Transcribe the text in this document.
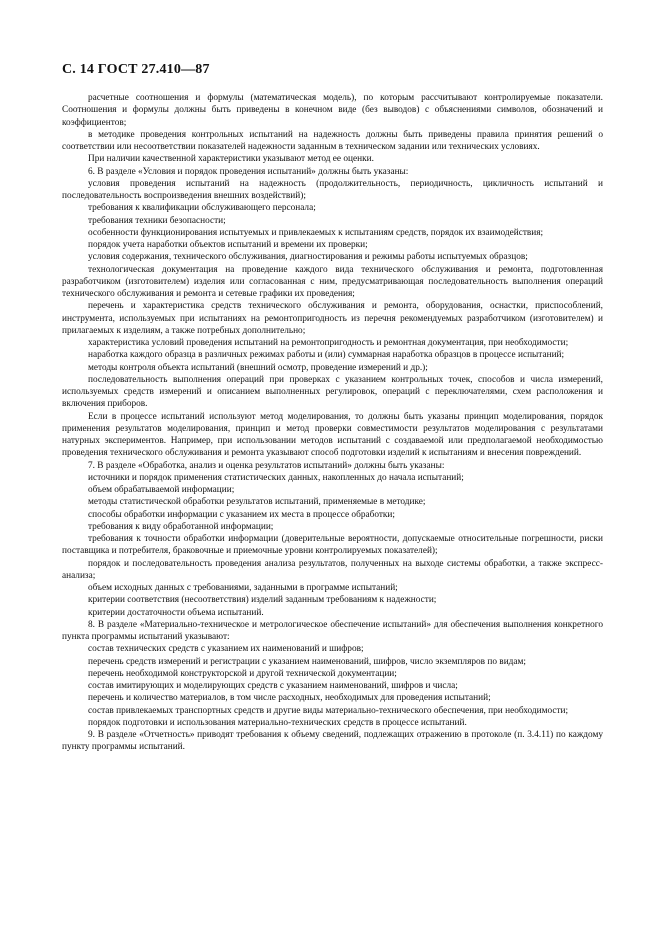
С. 14 ГОСТ 27.410—87

расчетные соотношения и формулы (математическая модель), по которым рассчитывают контролируемые показатели. Соотношения и формулы должны быть приведены в конечном виде (без выводов) с объяснениями символов, обозначений и коэффициентов;

в методике проведения контрольных испытаний на надежность должны быть приведены правила принятия решений о соответствии или несоответствии показателей надежности заданным в техническом задании или технических условиях.

При наличии качественной характеристики указывают метод ее оценки.

6. В разделе «Условия и порядок проведения испытаний» должны быть указаны:

условия проведения испытаний на надежность (продолжительность, периодичность, цикличность испытаний и последовательность воспроизведения внешних воздействий);

требования к квалификации обслуживающего персонала;

требования техники безопасности;

особенности функционирования испытуемых и привлекаемых к испытаниям средств, порядок их взаимодействия;

порядок учета наработки объектов испытаний и времени их проверки;

условия содержания, технического обслуживания, диагностирования и режимы работы испытуемых образцов;

технологическая документация на проведение каждого вида технического обслуживания и ремонта, подготовленная разработчиком (изготовителем) изделия или согласованная с ним, предусматривающая последовательность выполнения операций технического обслуживания и ремонта и сетевые графики их проведения;

перечень и характеристика средств технического обслуживания и ремонта, оборудования, оснастки, приспособлений, инструмента, используемых при испытаниях на ремонтопригодность из перечня рекомендуемых разработчиком (изготовителем) и прилагаемых к изделиям, а также потребных дополнительно;

характеристика условий проведения испытаний на ремонтопригодность и ремонтная документация, при необходимости;

наработка каждого образца в различных режимах работы и (или) суммарная наработка образцов в процессе испытаний;

методы контроля объекта испытаний (внешний осмотр, проведение измерений и др.);

последовательность выполнения операций при проверках с указанием контрольных точек, способов и числа измерений, используемых средств измерений и описанием выполненных регулировок, операций с переключателями, схем расположения и включения приборов.

Если в процессе испытаний используют метод моделирования, то должны быть указаны принцип моделирования, порядок применения результатов моделирования, принцип и метод проверки совместимости результатов моделирования с результатами натурных экспериментов. Например, при использовании методов испытаний с создаваемой или предполагаемой необходимостью проведения технического обслуживания и ремонта указывают способ подготовки изделий к испытаниям и внесения повреждений.

7. В разделе «Обработка, анализ и оценка результатов испытаний» должны быть указаны:

источники и порядок применения статистических данных, накопленных до начала испытаний;

объем обрабатываемой информации;

методы статистической обработки результатов испытаний, применяемые в методике;

способы обработки информации с указанием их места в процессе обработки;

требования к виду обработанной информации;

требования к точности обработки информации (доверительные вероятности, допускаемые относительные погрешности, риски поставщика и потребителя, браковочные и приемочные уровни контролируемых показателей);

порядок и последовательность проведения анализа результатов, полученных на выходе системы обработки, а также экспресс-анализа;

объем исходных данных с требованиями, заданными в программе испытаний;

критерии соответствия (несоответствия) изделий заданным требованиям к надежности;

критерии достаточности объема испытаний.

8. В разделе «Материально-техническое и метрологическое обеспечение испытаний» для обеспечения выполнения конкретного пункта программы испытаний указывают:

состав технических средств с указанием их наименований и шифров;

перечень средств измерений и регистрации с указанием наименований, шифров, число экземпляров по видам;

перечень необходимой конструкторской и другой технической документации;

состав имитирующих и моделирующих средств с указанием наименований, шифров и числа;

перечень и количество материалов, в том числе расходных, необходимых для проведения испытаний;

состав привлекаемых транспортных средств и другие виды материально-технического обеспечения, при необходимости;

порядок подготовки и использования материально-технических средств в процессе испытаний.

9. В разделе «Отчетность» приводят требования к объему сведений, подлежащих отражению в протоколе (п. 3.4.11) по каждому пункту программы испытаний.
